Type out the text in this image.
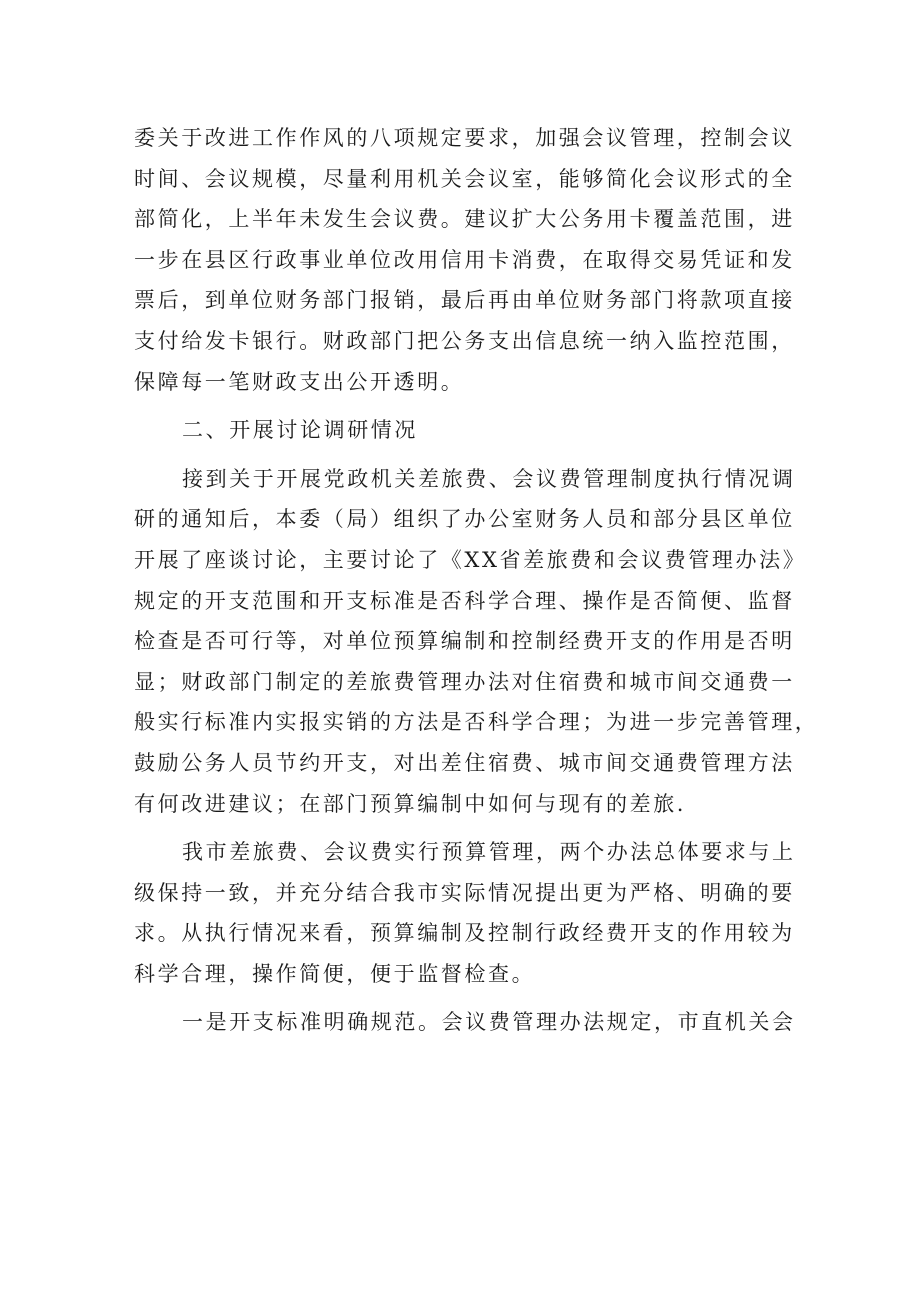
委关于改进工作作风的八项规定要求，加强会议管理，控制会议
时间、会议规模，尽量利用机关会议室，能够简化会议形式的全
部简化，上半年未发生会议费。建议扩大公务用卡覆盖范围，进
一步在县区行政事业单位改用信用卡消费，在取得交易凭证和发
票后，到单位财务部门报销，最后再由单位财务部门将款项直接
支付给发卡银行。财政部门把公务支出信息统一纳入监控范围，
保障每一笔财政支出公开透明。
二、开展讨论调研情况
接到关于开展党政机关差旅费、会议费管理制度执行情况调
研的通知后，本委（局）组织了办公室财务人员和部分县区单位
开展了座谈讨论，主要讨论了《XX省差旅费和会议费管理办法》
规定的开支范围和开支标准是否科学合理、操作是否简便、监督
检查是否可行等，对单位预算编制和控制经费开支的作用是否明
显；财政部门制定的差旅费管理办法对住宿费和城市间交通费一
般实行标准内实报实销的方法是否科学合理；为进一步完善管理，
鼓励公务人员节约开支，对出差住宿费、城市间交通费管理方法
有何改进建议；在部门预算编制中如何与现有的差旅.
我市差旅费、会议费实行预算管理，两个办法总体要求与上
级保持一致，并充分结合我市实际情况提出更为严格、明确的要
求。从执行情况来看，预算编制及控制行政经费开支的作用较为
科学合理，操作简便，便于监督检查。
一是开支标准明确规范。会议费管理办法规定，市直机关会
